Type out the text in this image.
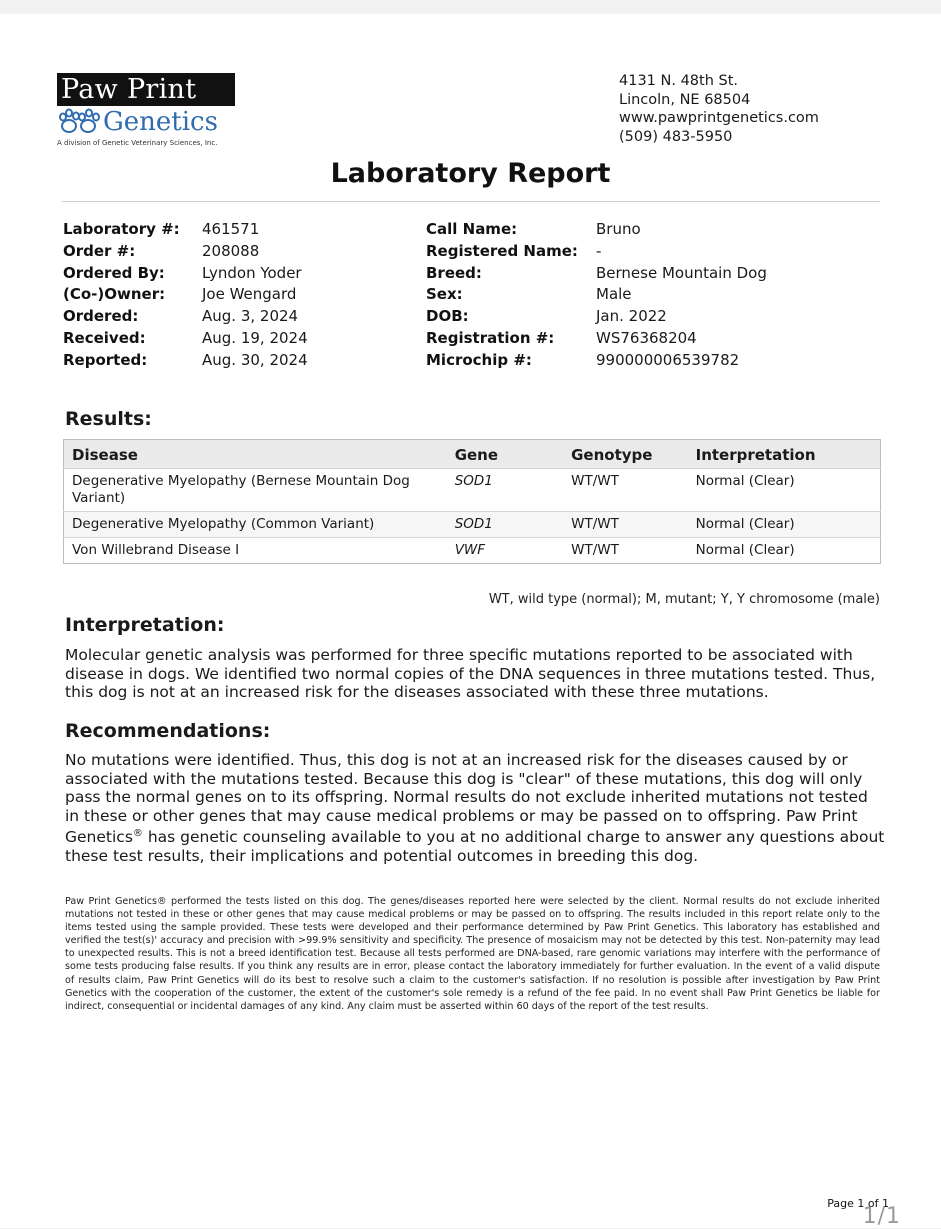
Paw Print
Genetics
A division of Genetic Veterinary Sciences, Inc.
4131 N. 48th St.
Lincoln, NE 68504
www.pawprintgenetics.com
(509) 483-5950
Laboratory Report
Laboratory #:	461571
Order #:	208088
Ordered By:	Lyndon Yoder
(Co-)Owner:	Joe Wengard
Ordered:	Aug. 3, 2024
Received:	Aug. 19, 2024
Reported:	Aug. 30, 2024
Call Name:	Bruno
Registered Name:	-
Breed:	Bernese Mountain Dog
Sex:	Male
DOB:	Jan. 2022
Registration #:	WS76368204
Microchip #:	990000006539782
Results:
Disease	Gene	Genotype	Interpretation
Degenerative Myelopathy (Bernese Mountain Dog Variant)	SOD1	WT/WT	Normal (Clear)
Degenerative Myelopathy (Common Variant)	SOD1	WT/WT	Normal (Clear)
Von Willebrand Disease I	VWF	WT/WT	Normal (Clear)
WT, wild type (normal); M, mutant; Y, Y chromosome (male)
Interpretation:
Molecular genetic analysis was performed for three specific mutations reported to be associated with disease in dogs. We identified two normal copies of the DNA sequences in three mutations tested. Thus, this dog is not at an increased risk for the diseases associated with these three mutations.
Recommendations:
No mutations were identified. Thus, this dog is not at an increased risk for the diseases caused by or associated with the mutations tested. Because this dog is "clear" of these mutations, this dog will only pass the normal genes on to its offspring. Normal results do not exclude inherited mutations not tested in these or other genes that may cause medical problems or may be passed on to offspring. Paw Print Genetics® has genetic counseling available to you at no additional charge to answer any questions about these test results, their implications and potential outcomes in breeding this dog.
Paw Print Genetics® performed the tests listed on this dog. The genes/diseases reported here were selected by the client. Normal results do not exclude inherited mutations not tested in these or other genes that may cause medical problems or may be passed on to offspring. The results included in this report relate only to the items tested using the sample provided. These tests were developed and their performance determined by Paw Print Genetics. This laboratory has established and verified the test(s)' accuracy and precision with >99.9% sensitivity and specificity. The presence of mosaicism may not be detected by this test. Non-paternity may lead to unexpected results. This is not a breed identification test. Because all tests performed are DNA-based, rare genomic variations may interfere with the performance of some tests producing false results. If you think any results are in error, please contact the laboratory immediately for further evaluation. In the event of a valid dispute of results claim, Paw Print Genetics will do its best to resolve such a claim to the customer's satisfaction. If no resolution is possible after investigation by Paw Print Genetics with the cooperation of the customer, the extent of the customer's sole remedy is a refund of the fee paid. In no event shall Paw Print Genetics be liable for indirect, consequential or incidental damages of any kind. Any claim must be asserted within 60 days of the report of the test results.
Page 1 of 1
1/1
